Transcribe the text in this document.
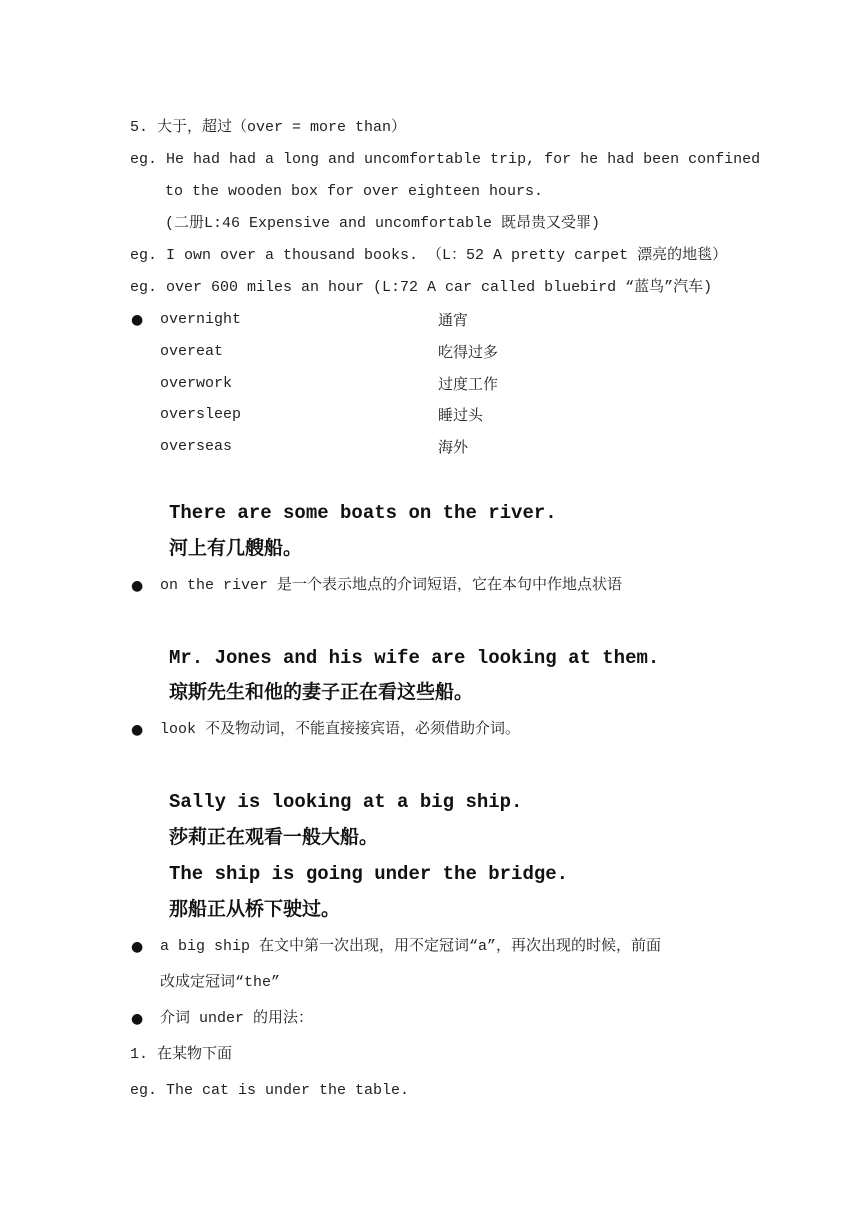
5. 大于，超过（over = more than）
eg. He had had a long and uncomfortable trip, for he had been confined
to the wooden box for over eighteen hours.
(二册L:46 Expensive and uncomfortable 既昂贵又受罪)
eg. I own over a thousand books. （L：52 A pretty carpet 漂亮的地毯）
eg. over 600 miles an hour (L:72 A car called bluebird “蓝鸟”汽车)
● overnight	通宵
overeat	吃得过多
overwork	过度工作
oversleep	睡过头
overseas	海外
There are some boats on the river.
河上有几艘船。
● on the river 是一个表示地点的介词短语，它在本句中作地点状语
Mr. Jones and his wife are looking at them.
琼斯先生和他的妻子正在看这些船。
● look 不及物动词，不能直接接宾语，必须借助介词。
Sally is looking at a big ship.
莎莉正在观看一般大船。
The ship is going under the bridge.
那船正从桥下驶过。
● a big ship 在文中第一次出现，用不定冠词“a”，再次出现的时候，前面
改成定冠词“the”
● 介词 under 的用法：
1. 在某物下面
eg. The cat is under the table.
